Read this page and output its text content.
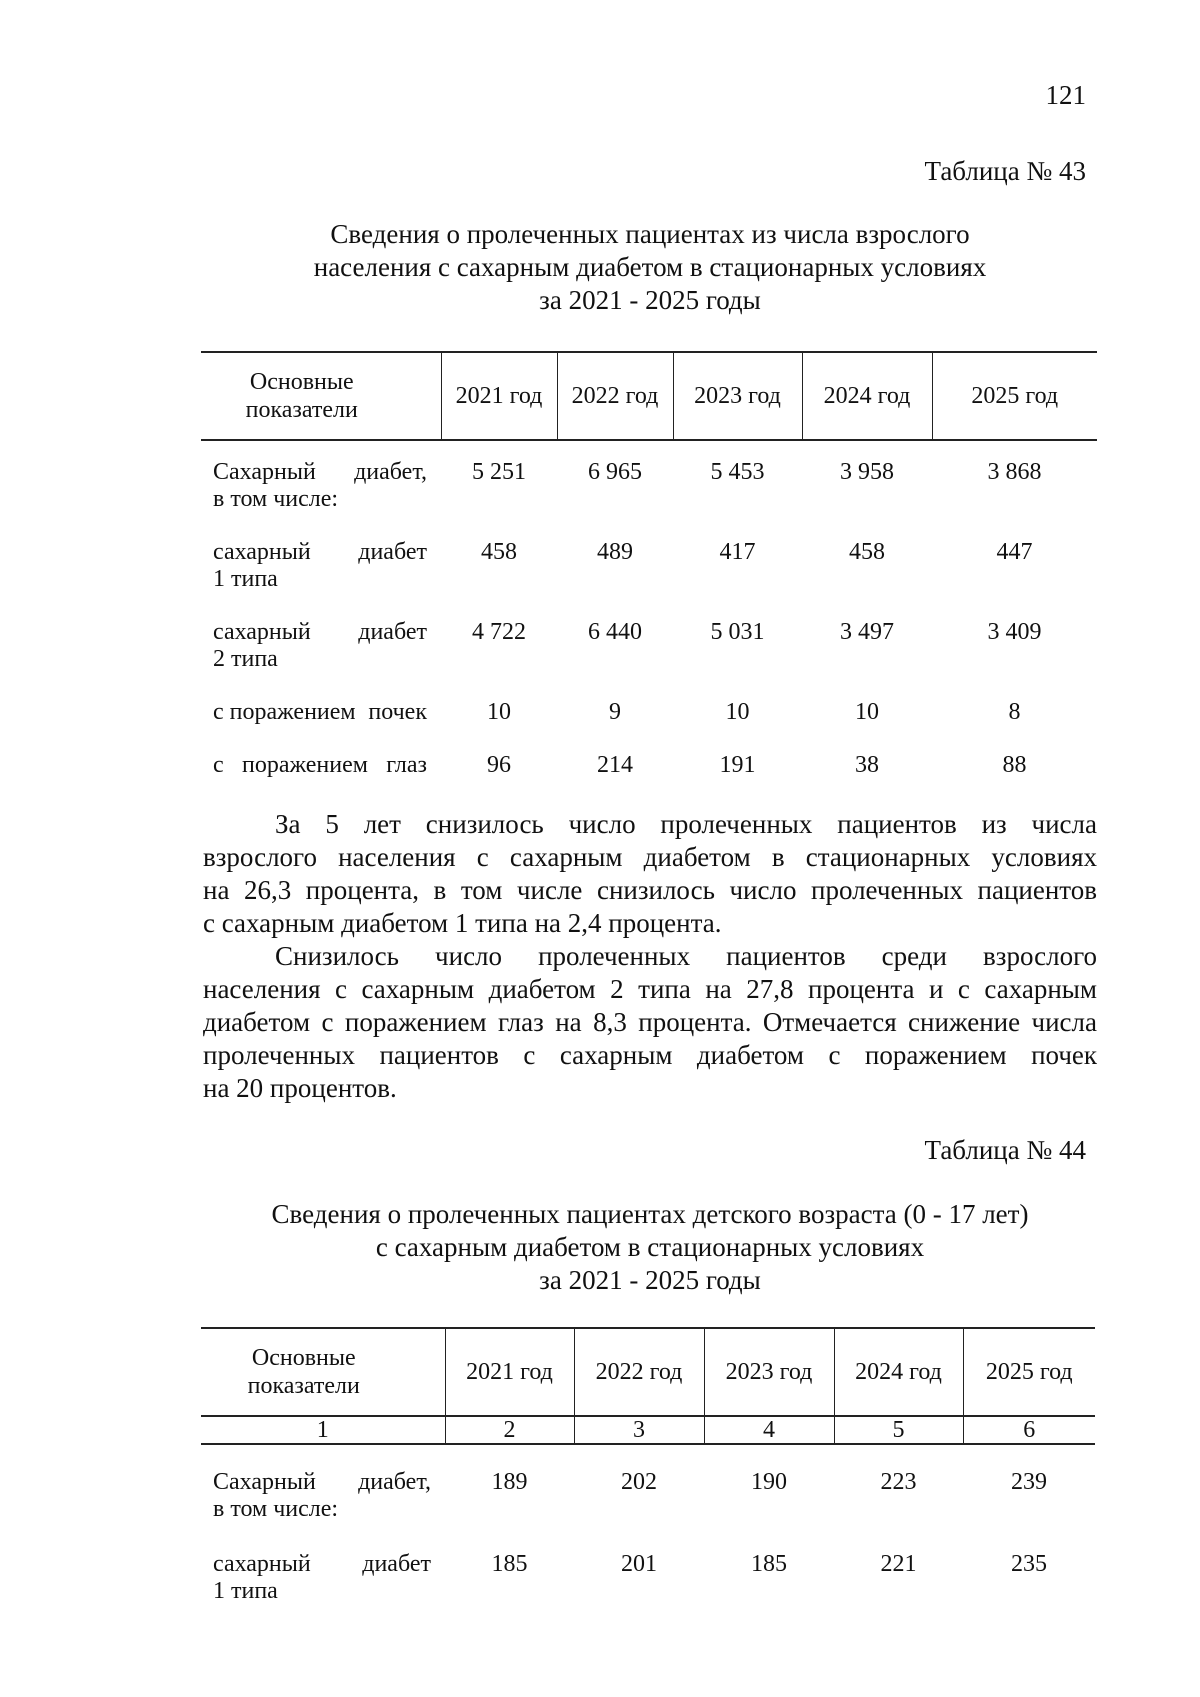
121
Таблица № 43
Сведения о пролеченных пациентах из числа взрослого
населения с сахарным диабетом в стационарных условиях
за 2021 - 2025 годы
Основные
показатели	2021 год	2022 год	2023 год	2024 год	2025 год

Сахарный диабет,
в том числе:	5 251	6 965	5 453	3 958	3 868

сахарный диабет
1 типа	458	489	417	458	447

сахарный диабет
2 типа	4 722	6 440	5 031	3 497	3 409

с поражением почек	10	9	10	10	8

с поражением глаз	96	214	191	38	88
За 5 лет снизилось число пролеченных пациентов из числа
взрослого населения с сахарным диабетом в стационарных условиях
на 26,3 процента, в том числе снизилось число пролеченных пациентов
с сахарным диабетом 1 типа на 2,4 процента.
Снизилось число пролеченных пациентов среди взрослого
населения с сахарным диабетом 2 типа на 27,8 процента и с сахарным
диабетом с поражением глаз на 8,3 процента. Отмечается снижение числа
пролеченных пациентов с сахарным диабетом с поражением почек
на 20 процентов.
Таблица № 44
Сведения о пролеченных пациентах детского возраста (0 - 17 лет)
с сахарным диабетом в стационарных условиях
за 2021 - 2025 годы
Основные
показатели	2021 год	2022 год	2023 год	2024 год	2025 год
1	2	3	4	5	6

Сахарный диабет,
в том числе:	189	202	190	223	239

сахарный диабет
1 типа	185	201	185	221	235
